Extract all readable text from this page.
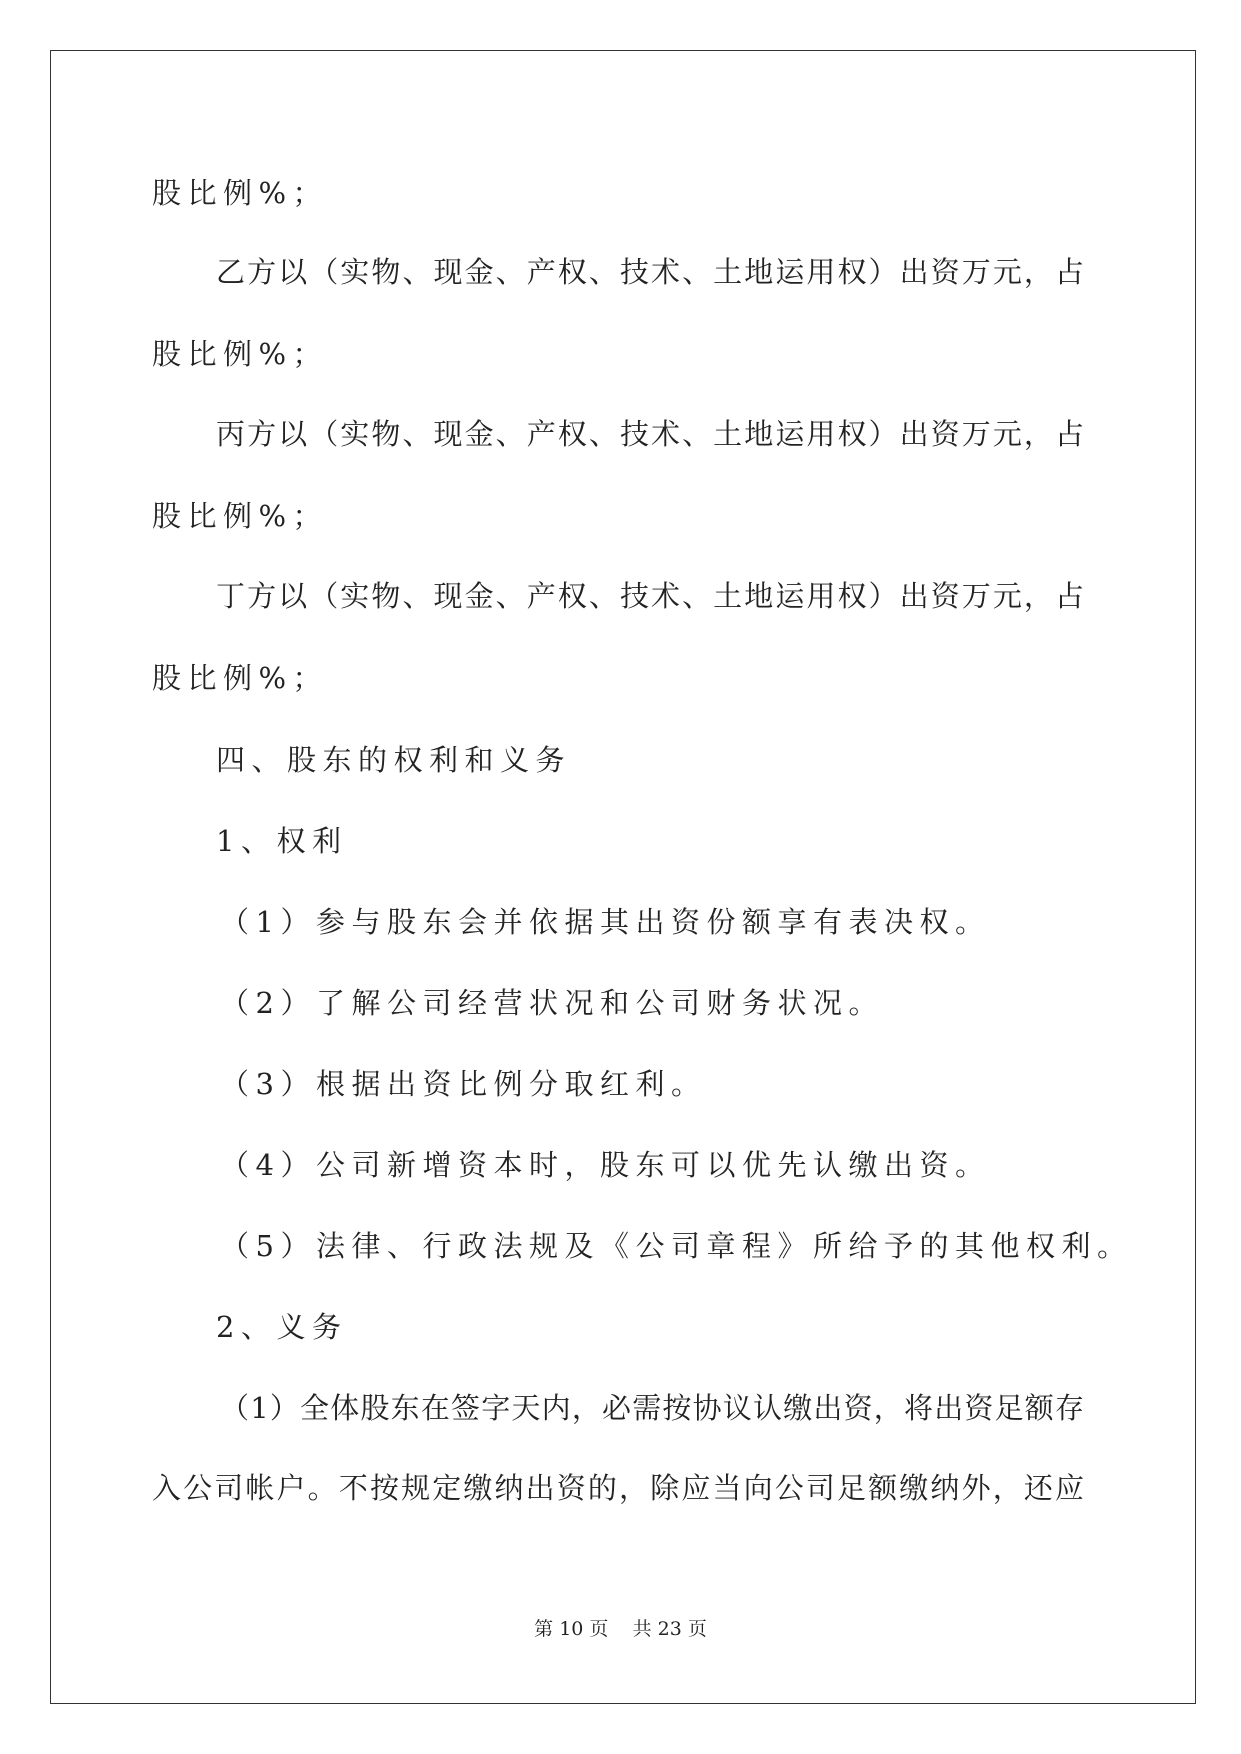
股比例%；
乙方以（实物、现金、产权、技术、土地运用权）出资万元，占
股比例%；
丙方以（实物、现金、产权、技术、土地运用权）出资万元，占
股比例%；
丁方以（实物、现金、产权、技术、土地运用权）出资万元，占
股比例%；
四、股东的权利和义务
1、权利
（1）参与股东会并依据其出资份额享有表决权。
（2）了解公司经营状况和公司财务状况。
（3）根据出资比例分取红利。
（4）公司新增资本时，股东可以优先认缴出资。
（5）法律、行政法规及《公司章程》所给予的其他权利。
2、义务
（1）全体股东在签字天内，必需按协议认缴出资，将出资足额存
入公司帐户。不按规定缴纳出资的，除应当向公司足额缴纳外，还应
第 10 页    共 23 页
